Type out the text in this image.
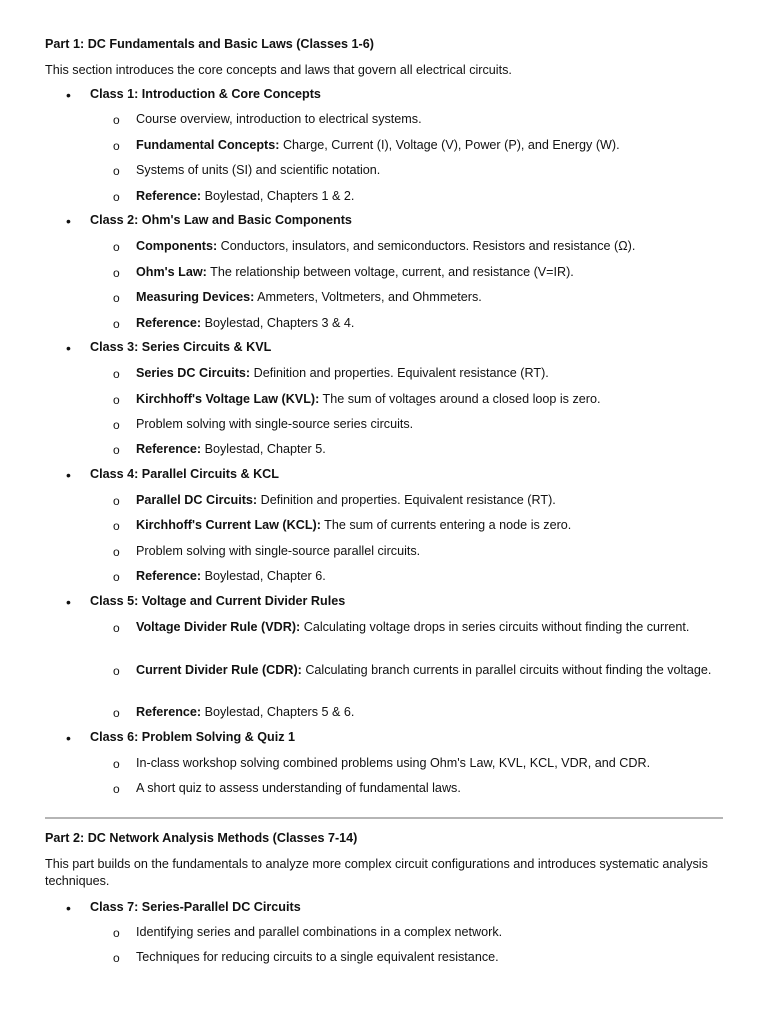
Part 1: DC Fundamentals and Basic Laws (Classes 1-6)
This section introduces the core concepts and laws that govern all electrical circuits.
• Class 1: Introduction & Core Concepts
o Course overview, introduction to electrical systems.
o Fundamental Concepts: Charge, Current (I), Voltage (V), Power (P), and Energy (W).
o Systems of units (SI) and scientific notation.
o Reference: Boylestad, Chapters 1 & 2.
• Class 2: Ohm's Law and Basic Components
o Components: Conductors, insulators, and semiconductors. Resistors and resistance (Ω).
o Ohm's Law: The relationship between voltage, current, and resistance (V=IR).
o Measuring Devices: Ammeters, Voltmeters, and Ohmmeters.
o Reference: Boylestad, Chapters 3 & 4.
• Class 3: Series Circuits & KVL
o Series DC Circuits: Definition and properties. Equivalent resistance (RT).
o Kirchhoff's Voltage Law (KVL): The sum of voltages around a closed loop is zero.
o Problem solving with single-source series circuits.
o Reference: Boylestad, Chapter 5.
• Class 4: Parallel Circuits & KCL
o Parallel DC Circuits: Definition and properties. Equivalent resistance (RT).
o Kirchhoff's Current Law (KCL): The sum of currents entering a node is zero.
o Problem solving with single-source parallel circuits.
o Reference: Boylestad, Chapter 6.
• Class 5: Voltage and Current Divider Rules
o Voltage Divider Rule (VDR): Calculating voltage drops in series circuits without finding the current.
o Current Divider Rule (CDR): Calculating branch currents in parallel circuits without finding the voltage.
o Reference: Boylestad, Chapters 5 & 6.
• Class 6: Problem Solving & Quiz 1
o In-class workshop solving combined problems using Ohm's Law, KVL, KCL, VDR, and CDR.
o A short quiz to assess understanding of fundamental laws.
Part 2: DC Network Analysis Methods (Classes 7-14)
This part builds on the fundamentals to analyze more complex circuit configurations and introduces systematic analysis techniques.
• Class 7: Series-Parallel DC Circuits
o Identifying series and parallel combinations in a complex network.
o Techniques for reducing circuits to a single equivalent resistance.
